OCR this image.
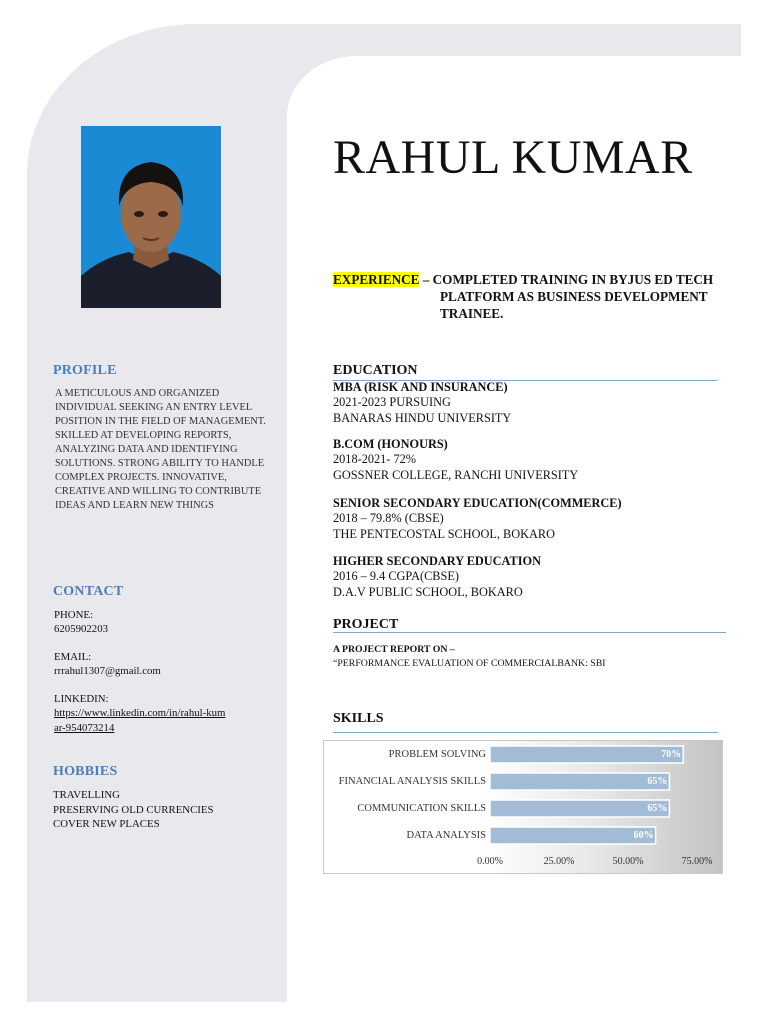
PROFILE
A METICULOUS AND ORGANIZED INDIVIDUAL SEEKING AN ENTRY LEVEL POSITION IN THE FIELD OF MANAGEMENT. SKILLED AT DEVELOPING REPORTS, ANALYZING DATA AND IDENTIFYING SOLUTIONS. STRONG ABILITY TO HANDLE COMPLEX PROJECTS. INNOVATIVE, CREATIVE AND WILLING TO CONTRIBUTE IDEAS AND LEARN NEW THINGS
CONTACT
PHONE:
6205902203
EMAIL:
rrrahul1307@gmail.com
LINKEDIN:
https://www.linkedin.com/in/rahul-kumar-954073214
HOBBIES
TRAVELLING
PRESERVING OLD CURRENCIES
COVER NEW PLACES
RAHUL KUMAR
EXPERIENCE – COMPLETED TRAINING IN BYJUS ED TECH
PLATFORM AS BUSINESS DEVELOPMENT
TRAINEE.
EDUCATION
MBA (RISK AND INSURANCE)
2021-2023 PURSUING
BANARAS HINDU UNIVERSITY
B.COM (HONOURS)
2018-2021- 72%
GOSSNER COLLEGE, RANCHI UNIVERSITY
SENIOR SECONDARY EDUCATION(COMMERCE)
2018 – 79.8% (CBSE)
THE PENTECOSTAL SCHOOL, BOKARO
HIGHER SECONDARY EDUCATION
2016 – 9.4 CGPA(CBSE)
D.A.V PUBLIC SCHOOL, BOKARO
PROJECT
A PROJECT REPORT ON –
“PERFORMANCE EVALUATION OF COMMERCIALBANK: SBI
SKILLS
PROBLEM SOLVING	70%
FINANCIAL ANALYSIS SKILLS	65%
COMMUNICATION SKILLS	65%
DATA ANALYSIS	60%
0.00%	25.00%	50.00%	75.00%
